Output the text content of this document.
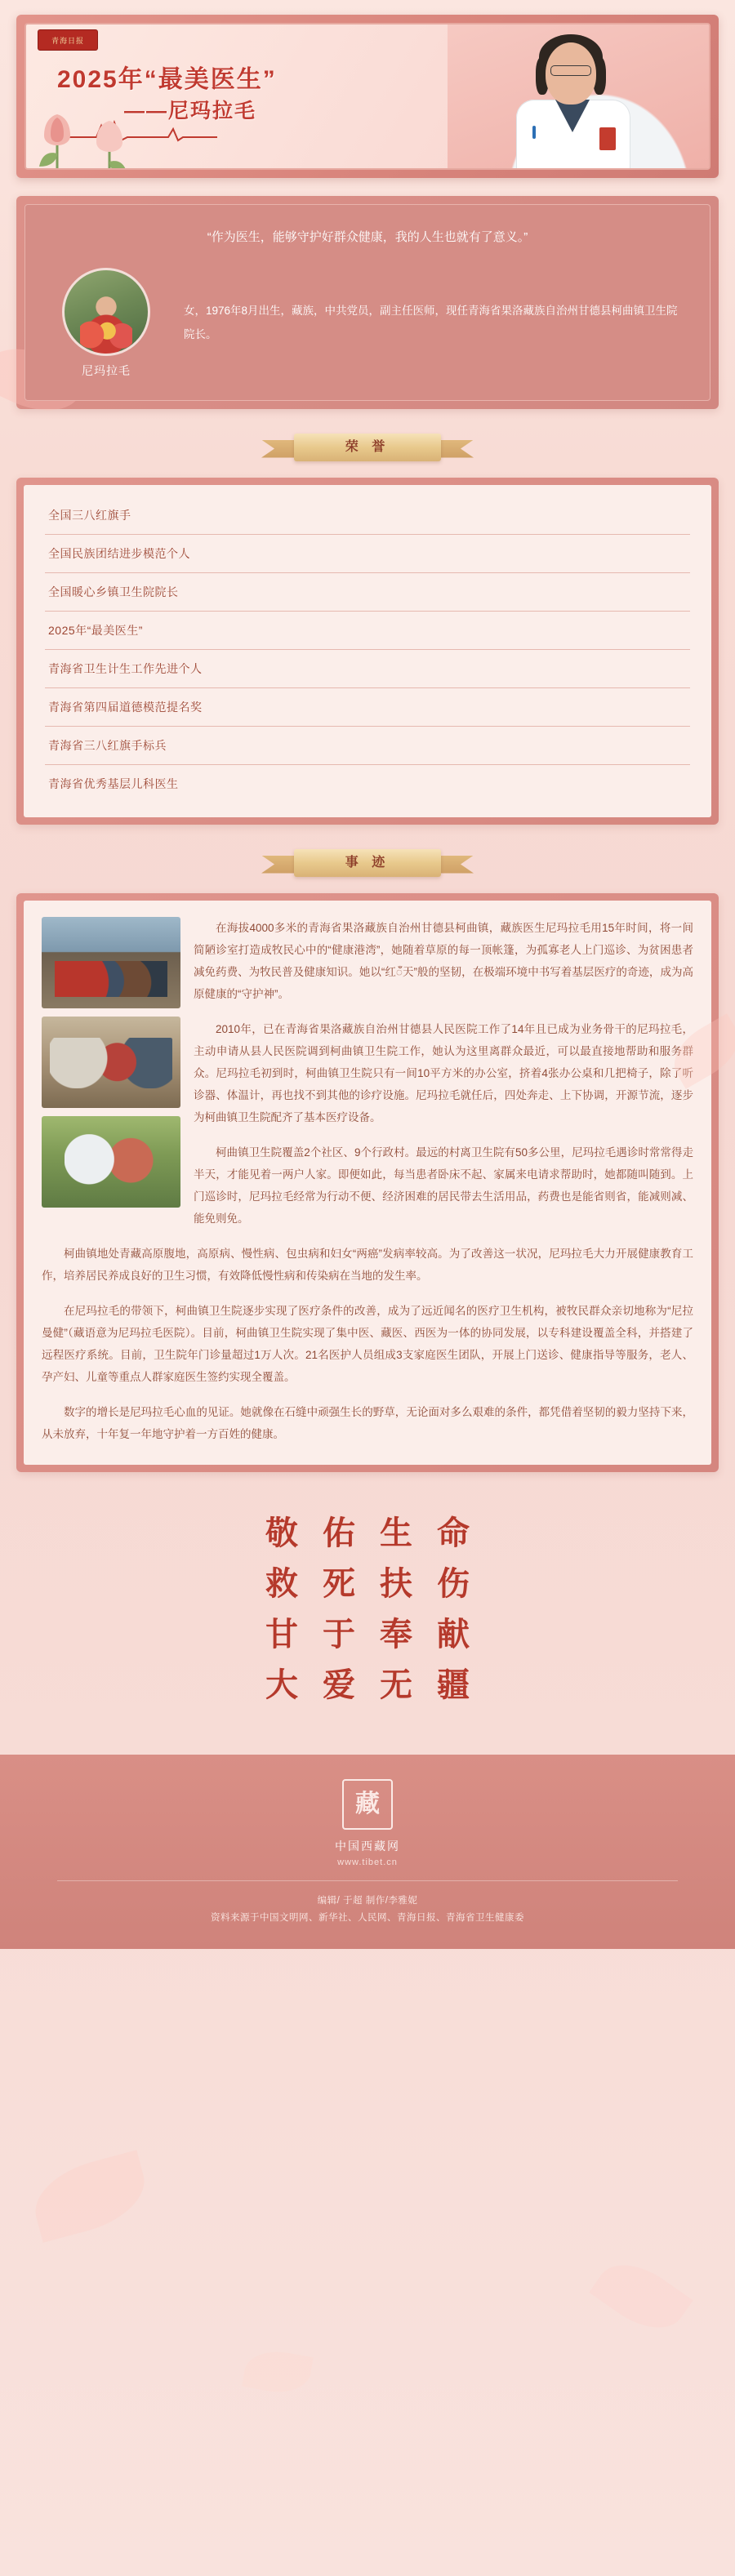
青海日报
2025年“最美医生”
——尼玛拉毛
“作为医生，能够守护好群众健康，我的人生也就有了意义。”
尼玛拉毛
女，1976年8月出生，藏族，中共党员，副主任医师，现任青海省果洛藏族自治州甘德县柯曲镇卫生院院长。
荣 誉
全国三八红旗手
全国民族团结进步模范个人
全国暖心乡镇卫生院院长
2025年“最美医生”
青海省卫生计生工作先进个人
青海省第四届道德模范提名奖
青海省三八红旗手标兵
青海省优秀基层儿科医生
事 迹
在海拔4000多米的青海省果洛藏族自治州甘德县柯曲镇，藏族医生尼玛拉毛用15年时间，将一间简陋诊室打造成牧民心中的“健康港湾”，她随着草原的每一顶帐篷，为孤寡老人上门巡诊、为贫困患者减免药费、为牧民普及健康知识。她以“红ँ天”般的坚韧，在极端环境中书写着基层医疗的奇迹，成为高原健康的“守护神”。
2010年，已在青海省果洛藏族自治州甘德县人民医院工作了14年且已成为业务骨干的尼玛拉毛，主动申请从县人民医院调到柯曲镇卫生院工作，她认为这里离群众最近，可以最直接地帮助和服务群众。尼玛拉毛初到时，柯曲镇卫生院只有一间10平方米的办公室，挤着4张办公桌和几把椅子，除了听诊器、体温计，再也找不到其他的诊疗设施。尼玛拉毛就任后，四处奔走、上下协调，开源节流，逐步为柯曲镇卫生院配齐了基本医疗设备。
柯曲镇卫生院覆盖2个社区、9个行政村。最远的村离卫生院有50多公里，尼玛拉毛遇诊时常常得走半天，才能见着一两户人家。即便如此，每当患者卧床不起、家属来电请求帮助时，她都随叫随到。上门巡诊时，尼玛拉毛经常为行动不便、经济困难的居民带去生活用品，药费也是能省则省，能减则减、能免则免。
柯曲镇地处青藏高原腹地，高原病、慢性病、包虫病和妇女“两癌”发病率较高。为了改善这一状况，尼玛拉毛大力开展健康教育工作，培养居民养成良好的卫生习惯，有效降低慢性病和传染病在当地的发生率。
在尼玛拉毛的带领下，柯曲镇卫生院逐步实现了医疗条件的改善，成为了远近闻名的医疗卫生机构，被牧民群众亲切地称为“尼拉曼健”（藏语意为尼玛拉毛医院）。目前，柯曲镇卫生院实现了集中医、藏医、西医为一体的协同发展，以专科建设覆盖全科，并搭建了远程医疗系统。目前，卫生院年门诊量超过1万人次。21名医护人员组成3支家庭医生团队，开展上门送诊、健康指导等服务，老人、孕产妇、儿童等重点人群家庭医生签约实现全覆盖。
数字的增长是尼玛拉毛心血的见证。她就像在石缝中顽强生长的野草，无论面对多么艰难的条件，都凭借着坚韧的毅力坚持下来，从未放弃，十年复一年地守护着一方百姓的健康。
敬 佑 生 命
救 死 扶 伤
甘 于 奉 献
大 爱 无 疆
藏
中国西藏网
www.tibet.cn
编辑/ 于超 制作/李雅妮
资料来源于中国文明网、新华社、人民网、青海日报、青海省卫生健康委
